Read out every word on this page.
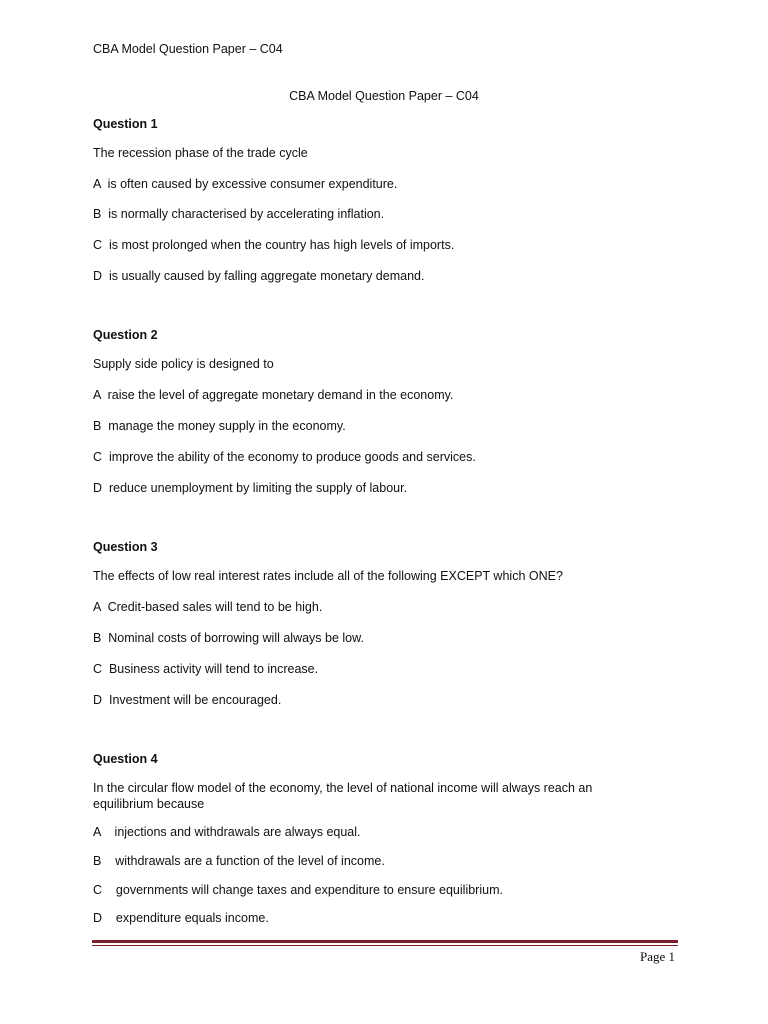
CBA Model Question Paper – C04
CBA Model Question Paper – C04
Question 1
The recession phase of the trade cycle
A  is often caused by excessive consumer expenditure.
B  is normally characterised by accelerating inflation.
C  is most prolonged when the country has high levels of imports.
D  is usually caused by falling aggregate monetary demand.
Question 2
Supply side policy is designed to
A  raise the level of aggregate monetary demand in the economy.
B  manage the money supply in the economy.
C  improve the ability of the economy to produce goods and services.
D  reduce unemployment by limiting the supply of labour.
Question 3
The effects of low real interest rates include all of the following EXCEPT which ONE?
A  Credit-based sales will tend to be high.
B  Nominal costs of borrowing will always be low.
C  Business activity will tend to increase.
D  Investment will be encouraged.
Question 4
In the circular flow model of the economy, the level of national income will always reach an
equilibrium because
A    injections and withdrawals are always equal.
B    withdrawals are a function of the level of income.
C    governments will change taxes and expenditure to ensure equilibrium.
D    expenditure equals income.
Page 1
